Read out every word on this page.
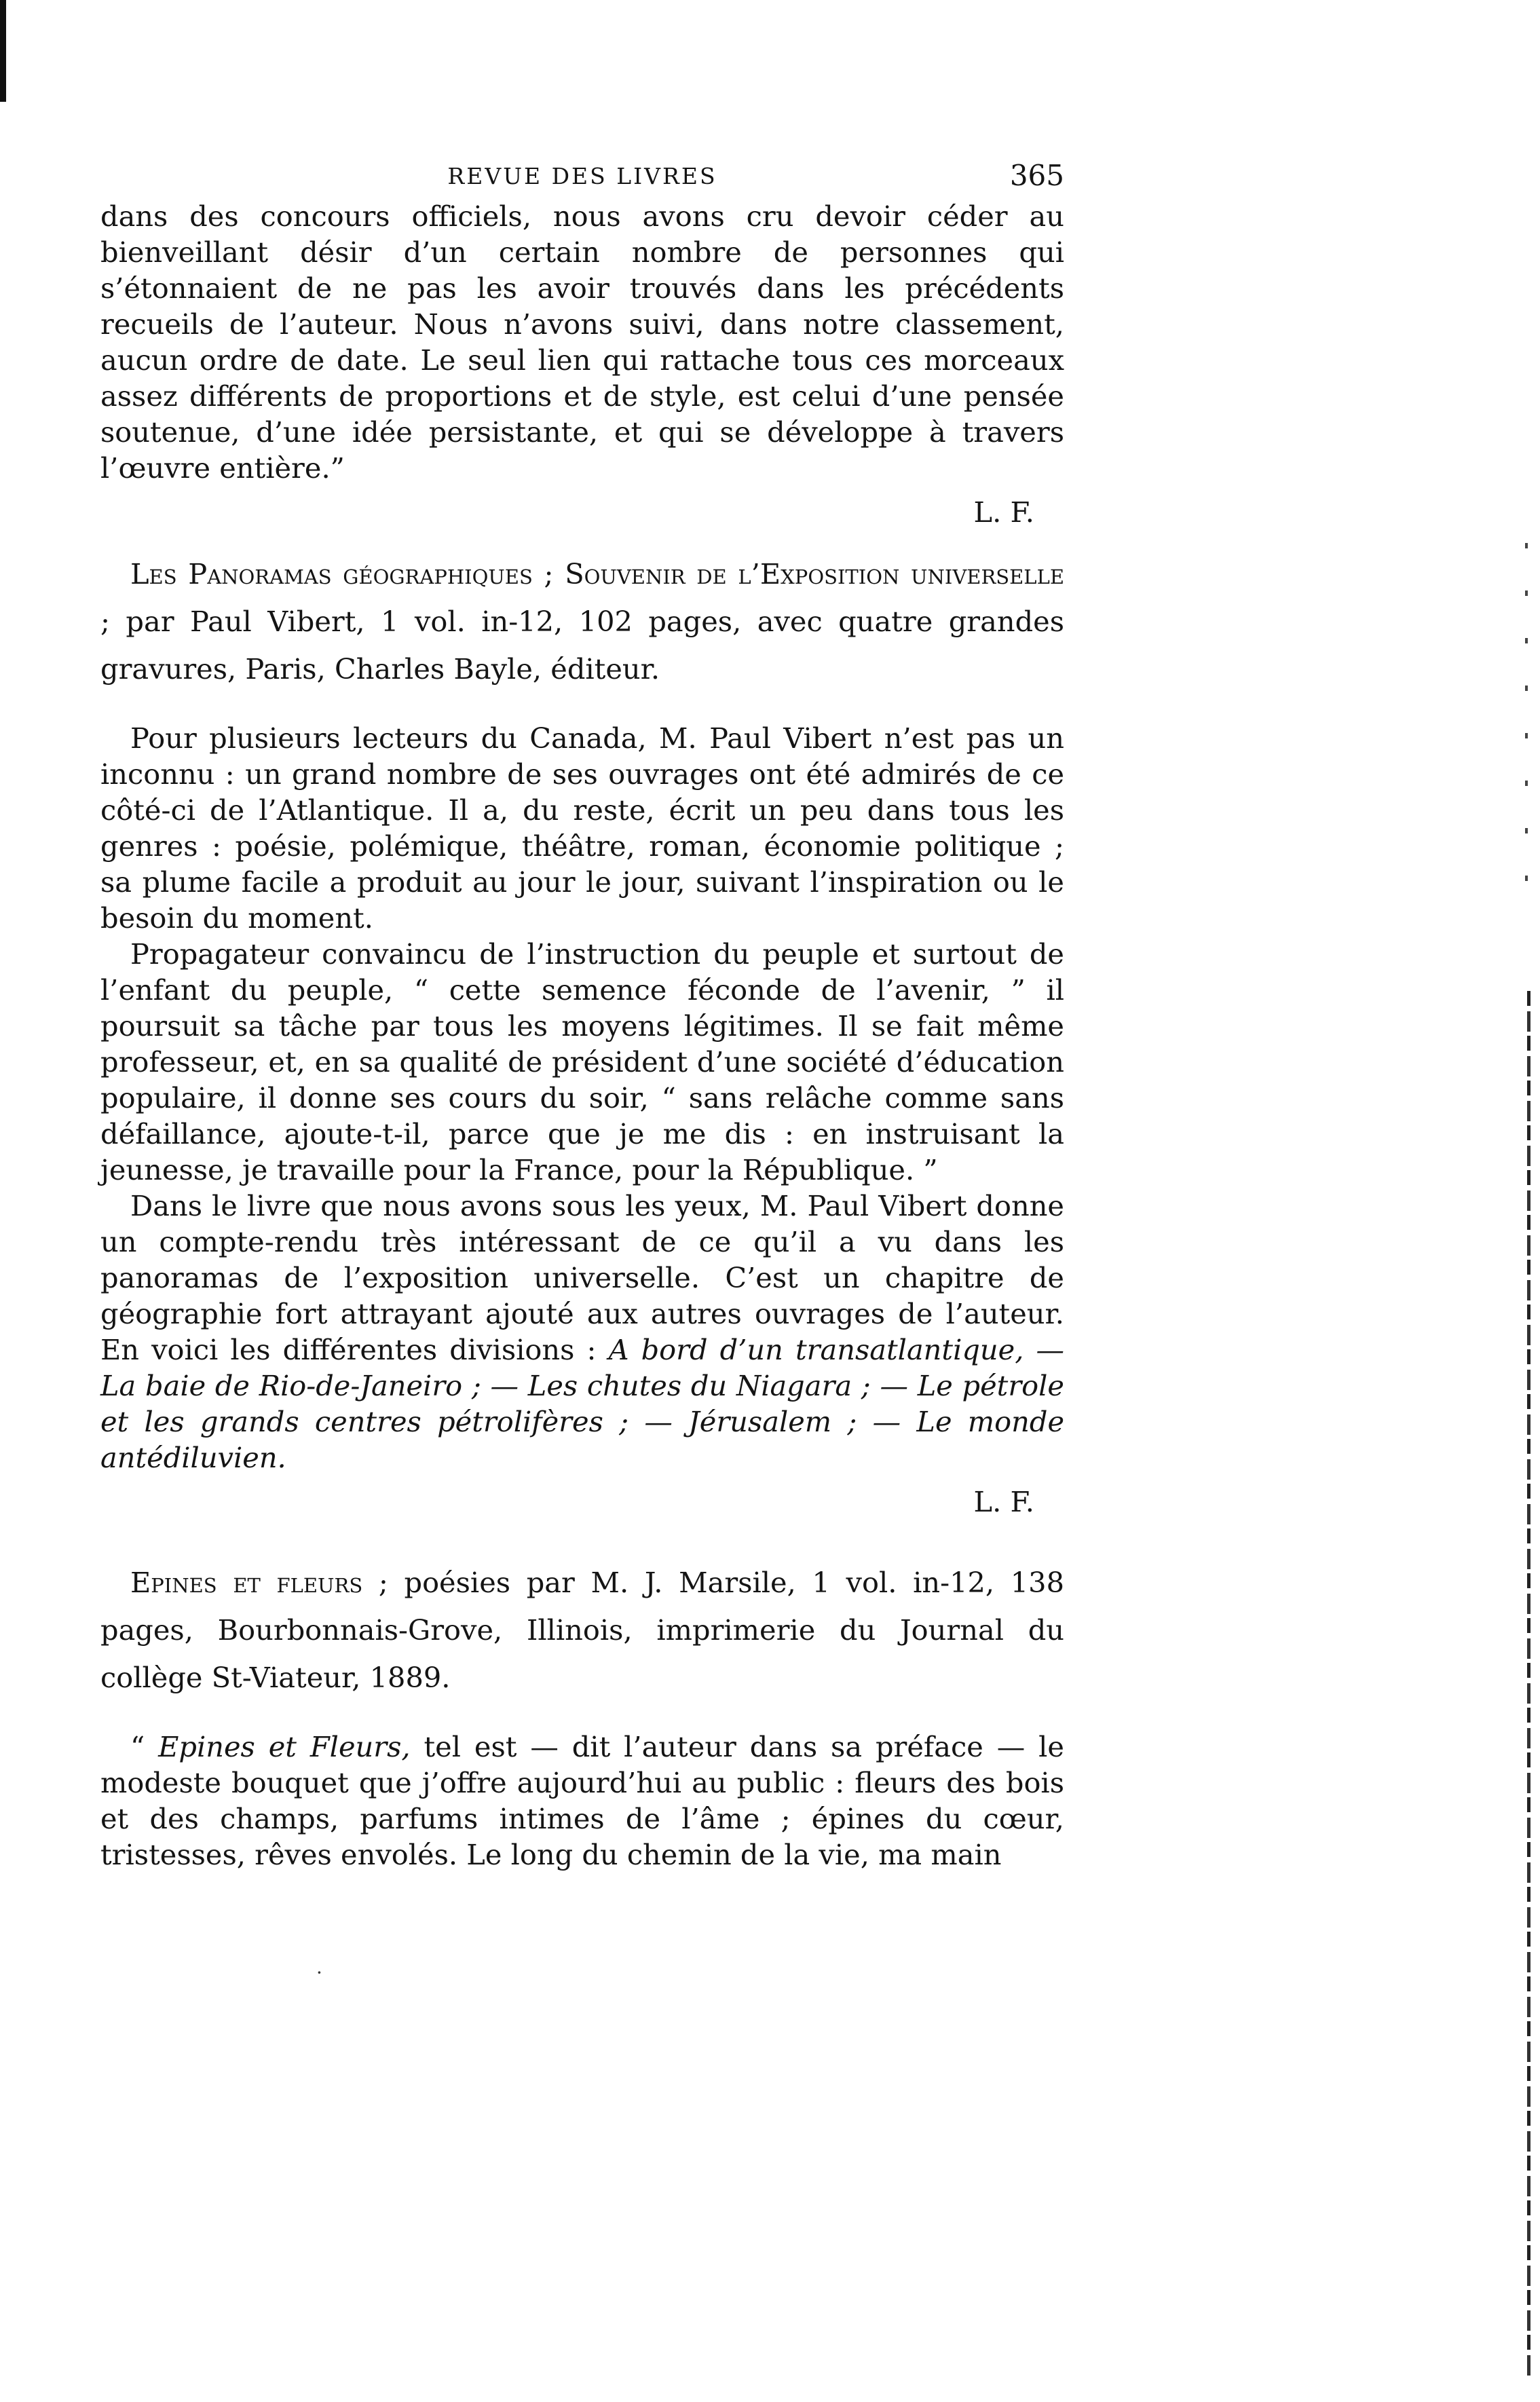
REVUE DES LIVRES	365

dans des concours officiels, nous avons cru devoir céder au bienveillant désir d’un certain nombre de personnes qui s’étonnaient de ne pas les avoir trouvés dans les précédents recueils de l’auteur. Nous n’avons suivi, dans notre classement, aucun ordre de date. Le seul lien qui rattache tous ces morceaux assez différents de proportions et de style, est celui d’une pensée soutenue, d’une idée persistante, et qui se développe à travers l’œuvre entière.”

L. F.

Les Panoramas géographiques ; Souvenir de l’Exposition universelle ; par Paul Vibert, 1 vol. in-12, 102 pages, avec quatre grandes gravures, Paris, Charles Bayle, éditeur.

Pour plusieurs lecteurs du Canada, M. Paul Vibert n’est pas un inconnu : un grand nombre de ses ouvrages ont été admirés de ce côté-ci de l’Atlantique. Il a, du reste, écrit un peu dans tous les genres : poésie, polémique, théâtre, roman, économie politique ; sa plume facile a produit au jour le jour, suivant l’inspiration ou le besoin du moment.

Propagateur convaincu de l’instruction du peuple et surtout de l’enfant du peuple, “ cette semence féconde de l’avenir, ” il poursuit sa tâche par tous les moyens légitimes. Il se fait même professeur, et, en sa qualité de président d’une société d’éducation populaire, il donne ses cours du soir, “ sans relâche comme sans défaillance, ajoute-t-il, parce que je me dis : en instruisant la jeunesse, je travaille pour la France, pour la République. ”

Dans le livre que nous avons sous les yeux, M. Paul Vibert donne un compte-rendu très intéressant de ce qu’il a vu dans les panoramas de l’exposition universelle. C’est un chapitre de géographie fort attrayant ajouté aux autres ouvrages de l’auteur. En voici les différentes divisions : A bord d’un transatlantique, — La baie de Rio-de-Janeiro ; — Les chutes du Niagara ; — Le pétrole et les grands centres pétrolifères ; — Jérusalem ; — Le monde antédiluvien.

L. F.

Epines et fleurs ; poésies par M. J. Marsile, 1 vol. in-12, 138 pages, Bourbonnais-Grove, Illinois, imprimerie du Journal du collège St-Viateur, 1889.

“ Epines et Fleurs, tel est — dit l’auteur dans sa préface — le modeste bouquet que j’offre aujourd’hui au public : fleurs des bois et des champs, parfums intimes de l’âme ; épines du cœur, tristesses, rêves envolés. Le long du chemin de la vie, ma main

·
